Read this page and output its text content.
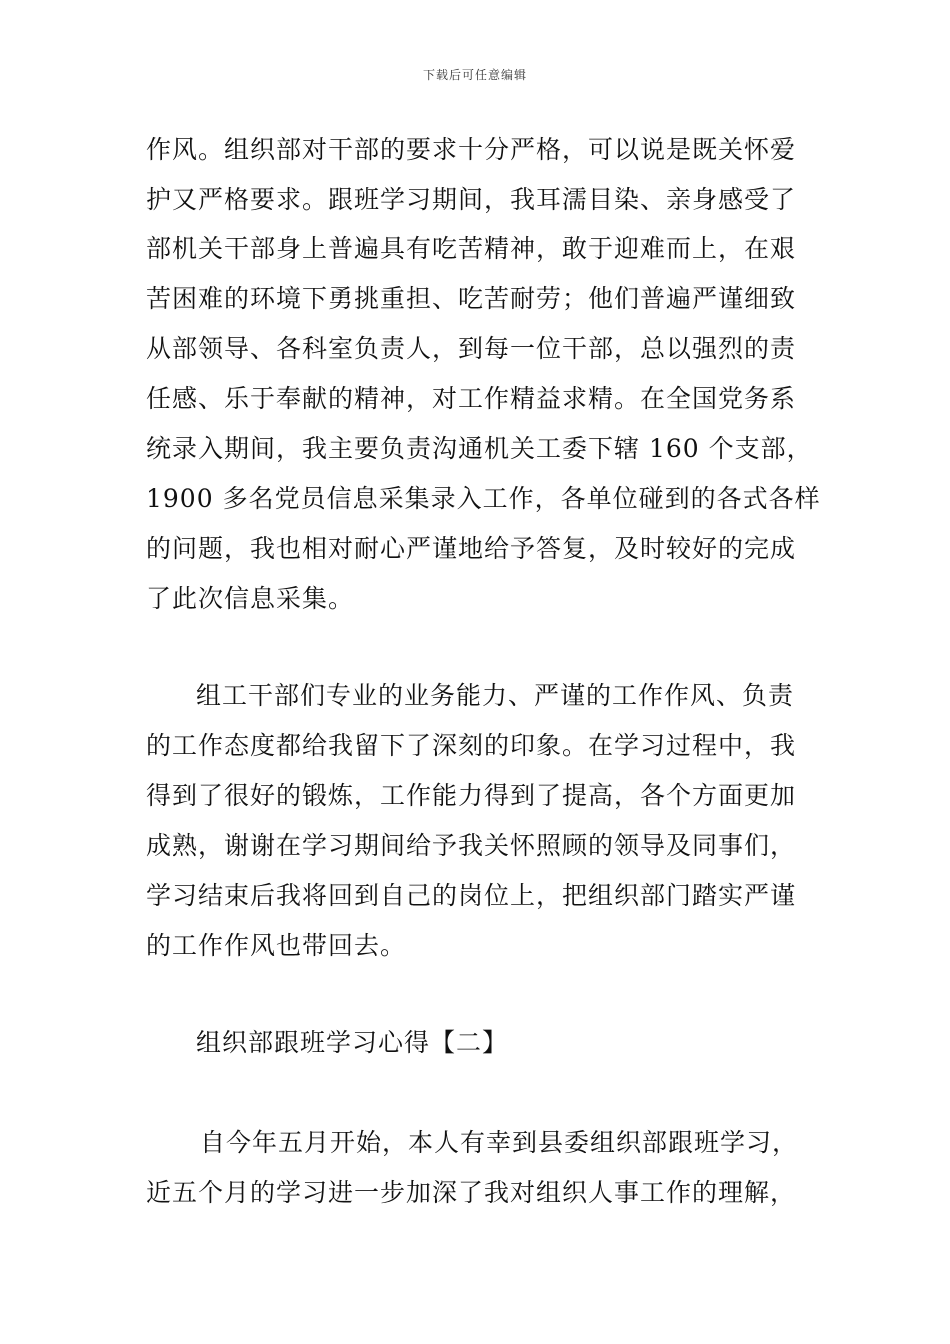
下载后可任意编辑
作风。组织部对干部的要求十分严格，可以说是既关怀爱
护又严格要求。跟班学习期间，我耳濡目染、亲身感受了
部机关干部身上普遍具有吃苦精神，敢于迎难而上，在艰
苦困难的环境下勇挑重担、吃苦耐劳；他们普遍严谨细致
从部领导、各科室负责人，到每一位干部，总以强烈的责
任感、乐于奉献的精神，对工作精益求精。在全国党务系
统录入期间，我主要负责沟通机关工委下辖 160 个支部，
1900 多名党员信息采集录入工作，各单位碰到的各式各样
的问题，我也相对耐心严谨地给予答复，及时较好的完成
了此次信息采集。
组工干部们专业的业务能力、严谨的工作作风、负责
的工作态度都给我留下了深刻的印象。在学习过程中，我
得到了很好的锻炼，工作能力得到了提高，各个方面更加
成熟，谢谢在学习期间给予我关怀照顾的领导及同事们，
学习结束后我将回到自己的岗位上，把组织部门踏实严谨
的工作作风也带回去。
组织部跟班学习心得【二】
自今年五月开始，本人有幸到县委组织部跟班学习，
近五个月的学习进一步加深了我对组织人事工作的理解，
